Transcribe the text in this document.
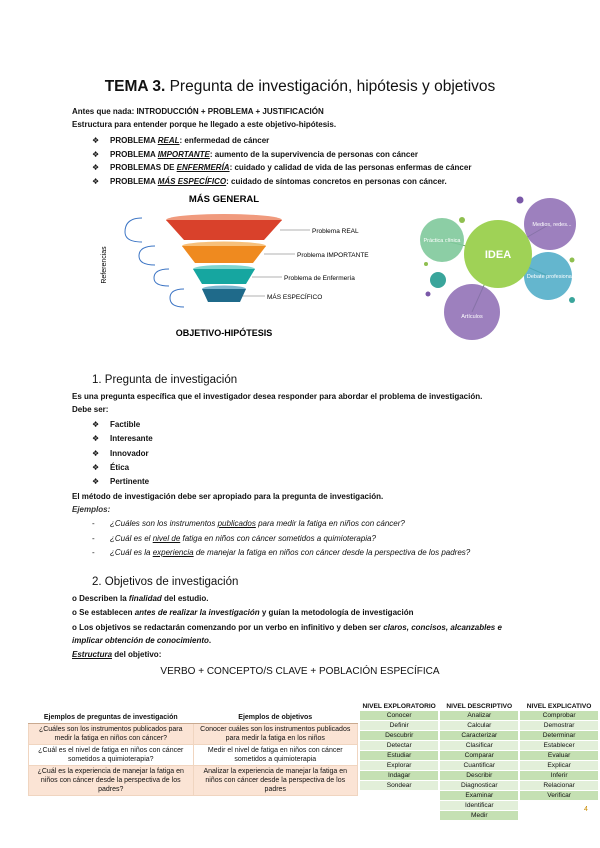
TEMA 3. Pregunta de investigación, hipótesis y objetivos
Antes que nada: INTRODUCCIÓN + PROBLEMA + JUSTIFICACIÓN
Estructura para entender porque he llegado a este objetivo-hipótesis.
❖ PROBLEMA REAL: enfermedad de cáncer
❖ PROBLEMA IMPORTANTE: aumento de la supervivencia de personas con cáncer
❖ PROBLEMAS DE ENFERMERÍA: cuidado y calidad de vida de las personas enfermas de cáncer
❖ PROBLEMA MÁS ESPECÍFICO: cuidado de síntomas concretos en personas con cáncer.
MÁS GENERAL
Referencias
Problema REAL
Problema IMPORTANTE
Problema de Enfermería
MÁS ESPECÍFICO
OBJETIVO-HIPÓTESIS
IDEA
Práctica clínica
Medios, redes...
Debate profesional
Artículos
1. Pregunta de investigación
Es una pregunta específica que el investigador desea responder para abordar el problema de investigación.
Debe ser:
❖ Factible
❖ Interesante
❖ Innovador
❖ Ética
❖ Pertinente
El método de investigación debe ser apropiado para la pregunta de investigación.
Ejemplos:
- ¿Cuáles son los instrumentos publicados para medir la fatiga en niños con cáncer?
- ¿Cuál es el nivel de fatiga en niños con cáncer sometidos a quimioterapia?
- ¿Cuál es la experiencia de manejar la fatiga en niños con cáncer desde la perspectiva de los padres?
2. Objetivos de investigación
o Describen la finalidad del estudio.
o Se establecen antes de realizar la investigación y guían la metodología de investigación
o Los objetivos se redactarán comenzando por un verbo en infinitivo y deben ser claros, concisos, alcanzables e implicar obtención de conocimiento.
Estructura del objetivo:
VERBO + CONCEPTO/S CLAVE + POBLACIÓN ESPECÍFICA
Ejemplos de preguntas de investigación	Ejemplos de objetivos
¿Cuáles son los instrumentos publicados para medir la fatiga en niños con cáncer?	Conocer cuáles son los instrumentos publicados para medir la fatiga en los niños
¿Cuál es el nivel de fatiga en niños con cáncer sometidos a quimioterapia?	Medir el nivel de fatiga en niños con cáncer sometidos a quimioterapia
¿Cuál es la experiencia de manejar la fatiga en niños con cáncer desde la perspectiva de los padres?	Analizar la experiencia de manejar la fatiga en niños con cáncer desde la perspectiva de los padres
NIVEL EXPLORATORIO	NIVEL DESCRIPTIVO	NIVEL EXPLICATIVO
Conocer	Analizar	Comprobar
Definir	Calcular	Demostrar
Descubrir	Caracterizar	Determinar
Detectar	Clasificar	Establecer
Estudiar	Comparar	Evaluar
Explorar	Cuantificar	Explicar
Indagar	Describir	Inferir
Sondear	Diagnosticar	Relacionar
	Examinar	Verificar
	Identificar	
	Medir	
4
